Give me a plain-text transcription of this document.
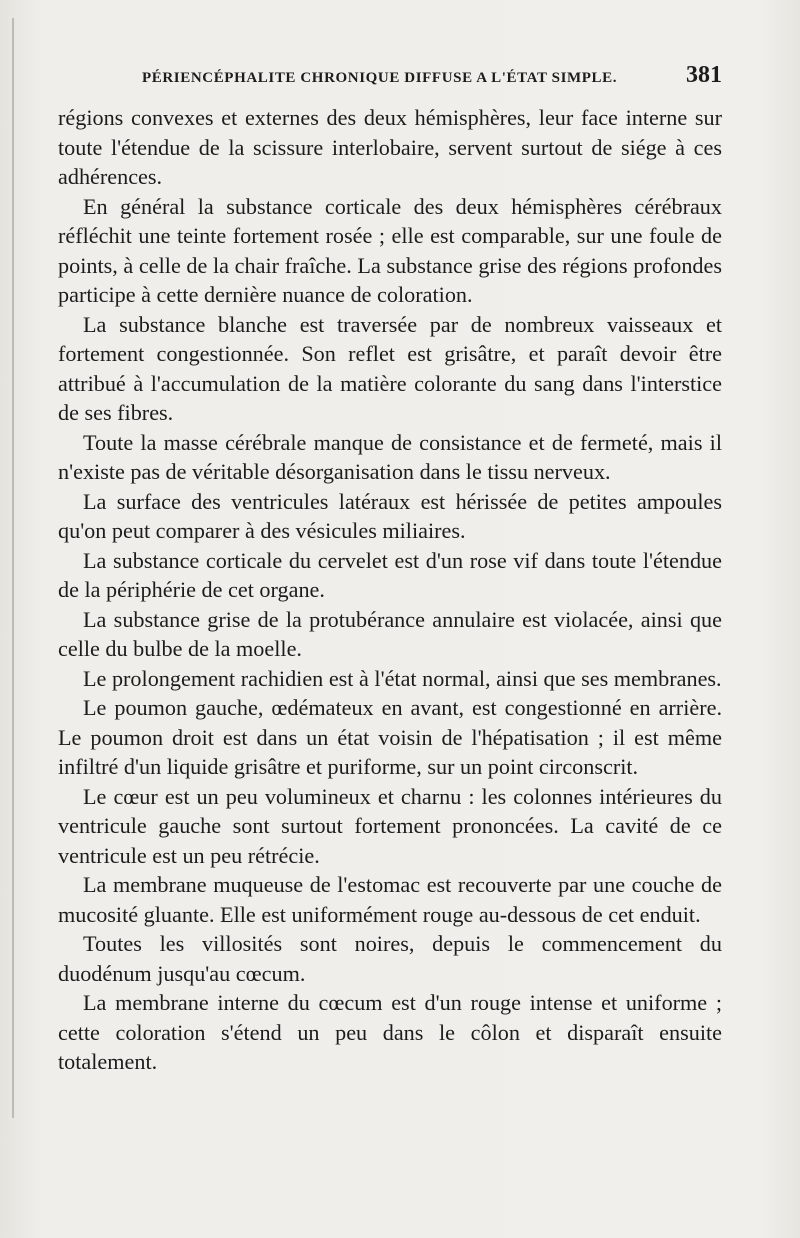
PÉRIENCÉPHALITE CHRONIQUE DIFFUSE A L'ÉTAT SIMPLE.	381

régions convexes et externes des deux hémisphères, leur face interne sur toute l'étendue de la scissure interlobaire, servent surtout de siége à ces adhérences.

En général la substance corticale des deux hémisphères cérébraux réfléchit une teinte fortement rosée ; elle est comparable, sur une foule de points, à celle de la chair fraîche. La substance grise des régions profondes participe à cette dernière nuance de coloration.

La substance blanche est traversée par de nombreux vaisseaux et fortement congestionnée. Son reflet est grisâtre, et paraît devoir être attribué à l'accumulation de la matière colorante du sang dans l'interstice de ses fibres.

Toute la masse cérébrale manque de consistance et de fermeté, mais il n'existe pas de véritable désorganisation dans le tissu nerveux.

La surface des ventricules latéraux est hérissée de petites ampoules qu'on peut comparer à des vésicules miliaires.

La substance corticale du cervelet est d'un rose vif dans toute l'étendue de la périphérie de cet organe.

La substance grise de la protubérance annulaire est violacée, ainsi que celle du bulbe de la moelle.

Le prolongement rachidien est à l'état normal, ainsi que ses membranes.

Le poumon gauche, œdémateux en avant, est congestionné en arrière. Le poumon droit est dans un état voisin de l'hépatisation ; il est même infiltré d'un liquide grisâtre et puriforme, sur un point circonscrit.

Le cœur est un peu volumineux et charnu : les colonnes intérieures du ventricule gauche sont surtout fortement prononcées. La cavité de ce ventricule est un peu rétrécie.

La membrane muqueuse de l'estomac est recouverte par une couche de mucosité gluante. Elle est uniformément rouge au-dessous de cet enduit.

Toutes les villosités sont noires, depuis le commencement du duodénum jusqu'au cœcum.

La membrane interne du cœcum est d'un rouge intense et uniforme ; cette coloration s'étend un peu dans le côlon et disparaît ensuite totalement.
